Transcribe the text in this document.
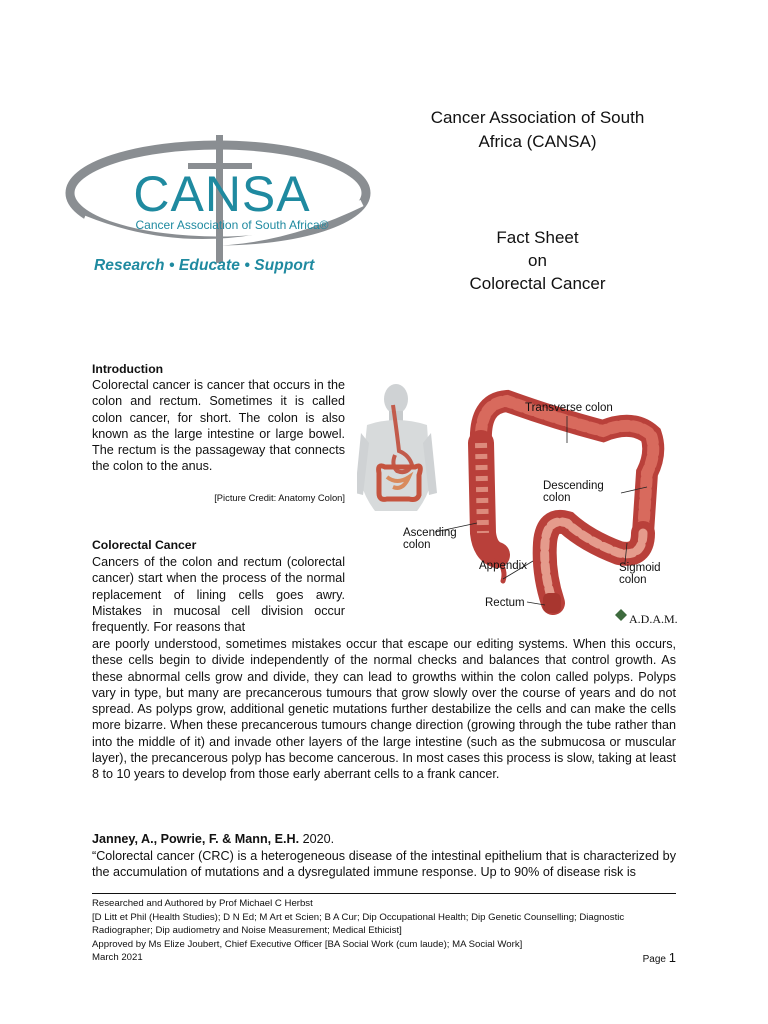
Cancer Association of South
Africa (CANSA)
Fact Sheet
on
Colorectal Cancer
CANSA
Cancer Association of South Africa®
Research • Educate • Support
Introduction
Colorectal cancer is cancer that occurs in the colon and rectum. Sometimes it is called colon cancer, for short. The colon is also known as the large intestine or large bowel. The rectum is the passageway that connects the colon to the anus.
[Picture Credit: Anatomy Colon]
Transverse colon
Descending
colon
Ascending
colon
Appendix	Sigmoid
colon
Rectum
A.D.A.M.
Colorectal Cancer
Cancers of the colon and rectum (colorectal cancer) start when the process of the normal replacement of lining cells goes awry. Mistakes in mucosal cell division occur frequently. For reasons that
are poorly understood, sometimes mistakes occur that escape our editing systems. When this occurs, these cells begin to divide independently of the normal checks and balances that control growth. As these abnormal cells grow and divide, they can lead to growths within the colon called polyps. Polyps vary in type, but many are precancerous tumours that grow slowly over the course of years and do not spread. As polyps grow, additional genetic mutations further destabilize the cells and can make the cells more bizarre. When these precancerous tumours change direction (growing through the tube rather than into the middle of it) and invade other layers of the large intestine (such as the submucosa or muscular layer), the precancerous polyp has become cancerous. In most cases this process is slow, taking at least 8 to 10 years to develop from those early aberrant cells to a frank cancer.
Janney, A., Powrie, F. & Mann, E.H. 2020.
“Colorectal cancer (CRC) is a heterogeneous disease of the intestinal epithelium that is characterized by the accumulation of mutations and a dysregulated immune response. Up to 90% of disease risk is
Researched and Authored by Prof Michael C Herbst
[D Litt et Phil (Health Studies); D N Ed; M Art et Scien; B A Cur; Dip Occupational Health; Dip Genetic Counselling; Diagnostic Radiographer; Dip audiometry and Noise Measurement; Medical Ethicist]
Approved by Ms Elize Joubert, Chief Executive Officer [BA Social Work (cum laude); MA Social Work]
March 2021	Page 1
